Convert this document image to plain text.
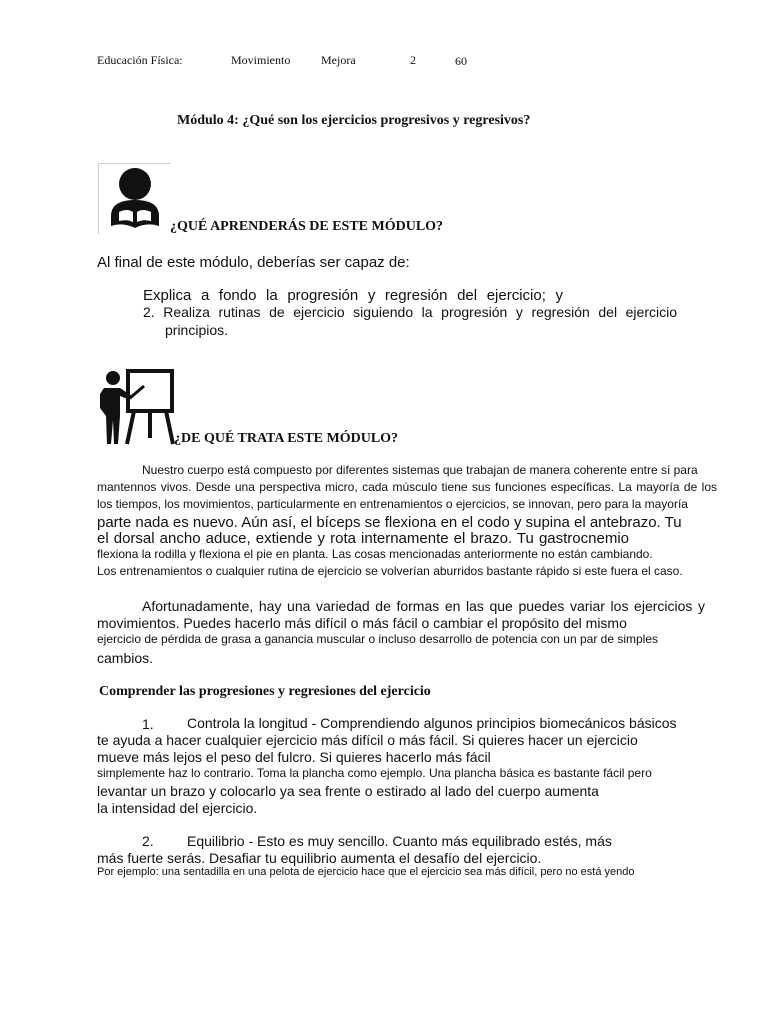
Educación Física:	Movimiento	Mejora	2	60
Módulo 4: ¿Qué son los ejercicios progresivos y regresivos?
¿QUÉ APRENDERÁS DE ESTE MÓDULO?
Al final de este módulo, deberías ser capaz de:
Explica a fondo la progresión y regresión del ejercicio; y
2. Realiza rutinas de ejercicio siguiendo la progresión y regresión del ejercicio
principios.
¿DE QUÉ TRATA ESTE MÓDULO?
Nuestro cuerpo está compuesto por diferentes sistemas que trabajan de manera coherente entre sí para
mantennos vivos. Desde una perspectiva micro, cada músculo tiene sus funciones específicas. La mayoría de los
los tiempos, los movimientos, particularmente en entrenamientos o ejercicios, se innovan, pero para la mayoría
parte nada es nuevo. Aún así, el bíceps se flexiona en el codo y supina el antebrazo. Tu
el dorsal ancho aduce, extiende y rota internamente el brazo. Tu gastrocnemio
flexiona la rodilla y flexiona el pie en planta. Las cosas mencionadas anteriormente no están cambiando.
Los entrenamientos o cualquier rutina de ejercicio se volverían aburridos bastante rápido si este fuera el caso.
Afortunadamente, hay una variedad de formas en las que puedes variar los ejercicios y
movimientos. Puedes hacerlo más difícil o más fácil o cambiar el propósito del mismo
ejercicio de pérdida de grasa a ganancia muscular o incluso desarrollo de potencia con un par de simples
cambios.
Comprender las progresiones y regresiones del ejercicio
1. Controla la longitud - Comprendiendo algunos principios biomecánicos básicos
te ayuda a hacer cualquier ejercicio más difícil o más fácil. Si quieres hacer un ejercicio
mueve más lejos el peso del fulcro. Si quieres hacerlo más fácil
simplemente haz lo contrario. Toma la plancha como ejemplo. Una plancha básica es bastante fácil pero
levantar un brazo y colocarlo ya sea frente o estirado al lado del cuerpo aumenta
la intensidad del ejercicio.
2. Equilibrio - Esto es muy sencillo. Cuanto más equilibrado estés, más
más fuerte serás. Desafiar tu equilibrio aumenta el desafío del ejercicio.
Por ejemplo: una sentadilla en una pelota de ejercicio hace que el ejercicio sea más difícil, pero no está yendo
